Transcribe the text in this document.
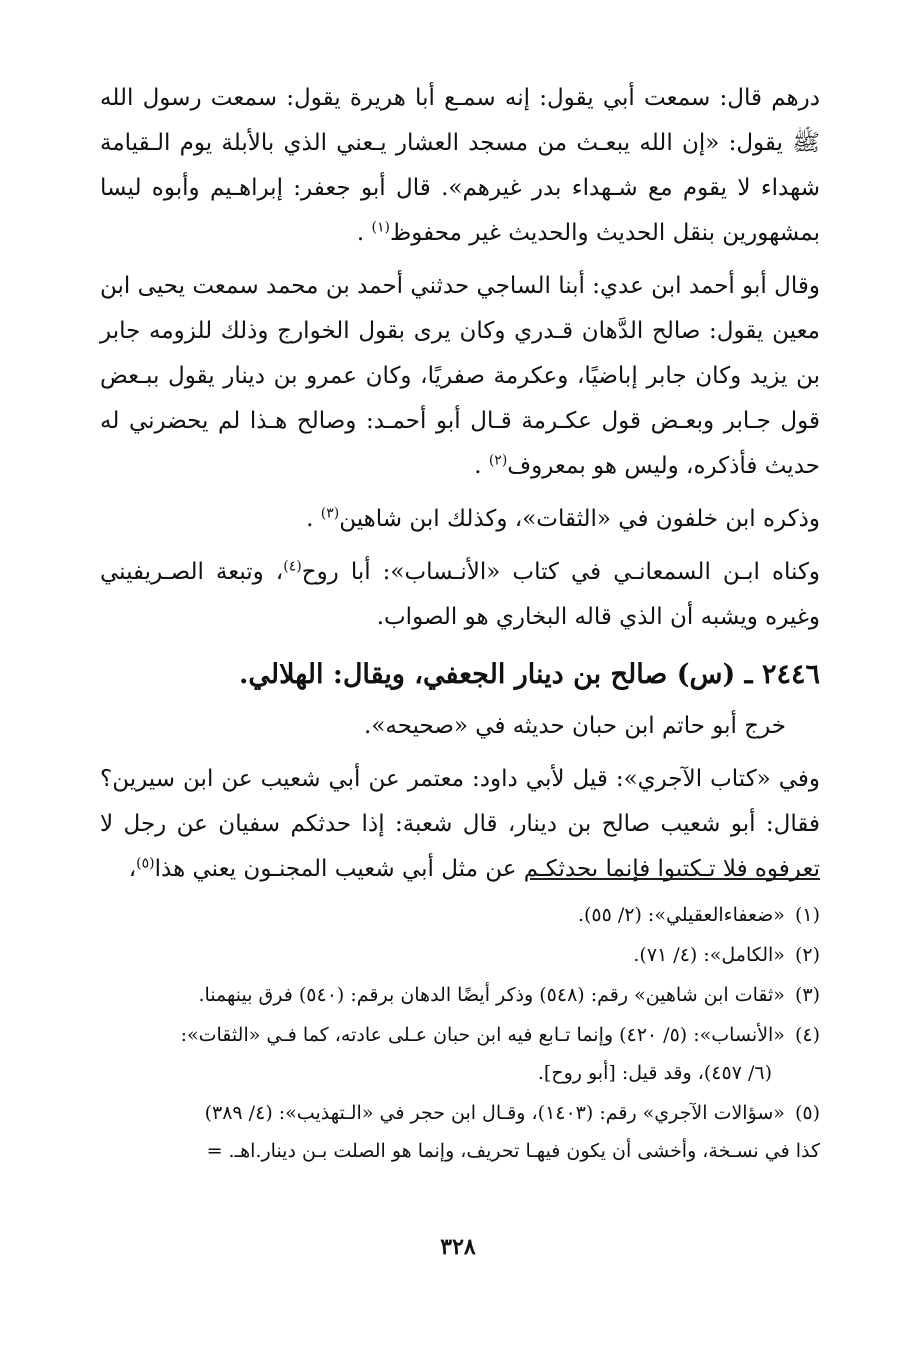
درهم قال: سمعت أبي يقول: إنه سمـع أبا هريرة يقول: سمعت رسول الله ﷺ يقول: «إن الله يبعـث من مسجد العشار يـعني الذي بالأبلة يوم الـقيامة شهداء لا يقوم مع شـهداء بدر غيرهم». قال أبو جعفر: إبراهـيم وأبوه ليسا بمشهورين بنقل الحديث والحديث غير محفوظ$^{(١)}$ .

وقال أبو أحمد ابن عدي: أبنا الساجي حدثني أحمد بن محمد سمعت يحيى ابن معين يقول: صالح الدَّهان قـدري وكان يرى بقول الخوارج وذلك للزومه جابر بن يزيد وكان جابر إباضيًا، وعكرمة صفريًا، وكان عمرو بن دينار يقول ببـعض قول جـابر وبعـض قول عكـرمة قـال أبو أحمـد: وصالح هـذا لم يحضرني له حديث فأذكره، وليس هو بمعروف$^{(٢)}$ .

وذكره ابن خلفون في «الثقات»، وكذلك ابن شاهين$^{(٣)}$ .

وكناه ابـن السمعانـي في كتاب «الأنـساب»: أبا روح$^{(٤)}$، وتبعة الصـريفيني وغيره ويشبه أن الذي قاله البخاري هو الصواب.

٢٤٤٦ ـ (س) صالح بن دينار الجعفي، ويقال: الهلالي.

خرج أبو حاتم ابن حبان حديثه في «صحيحه».

وفي «كتاب الآجري»: قيل لأبي داود: معتمر عن أبي شعيب عن ابن سيرين؟ فقال: أبو شعيب صالح بن دينار، قال شعبة: إذا حدثكم سفيان عن رجل لا تعرفوه فلا تـكتبوا فإنما يحدثكـم عن مثل أبي شعيب المجنـون يعني هذا$^{(٥)}$،

(١)«ضعفاءالعقيلي»: (٢/ ٥٥).
(٢)«الكامل»: (٤/ ٧١).
(٣)«ثقات ابن شاهين» رقم: (٥٤٨) وذكر أيضًا الدهان برقم: (٥٤٠) فرق بينهمنا.
(٤)«الأنساب»: (٥/ ٤٢٠) وإنما تـابع فيه ابن حبان عـلى عادته، كما فـي «الثقات»:
(٦/ ٤٥٧)، وقد قيل: [أبو روح].
(٥)«سؤالات الآجري» رقم: (١٤٠٣)، وقـال ابن حجر في «الـتهذيب»: (٤/ ٣٨٩)
كذا في نسـخة، وأخشى أن يكون فيهـا تحريف، وإنما هو الصلت بـن دينار.اهـ. =
٣٢٨
